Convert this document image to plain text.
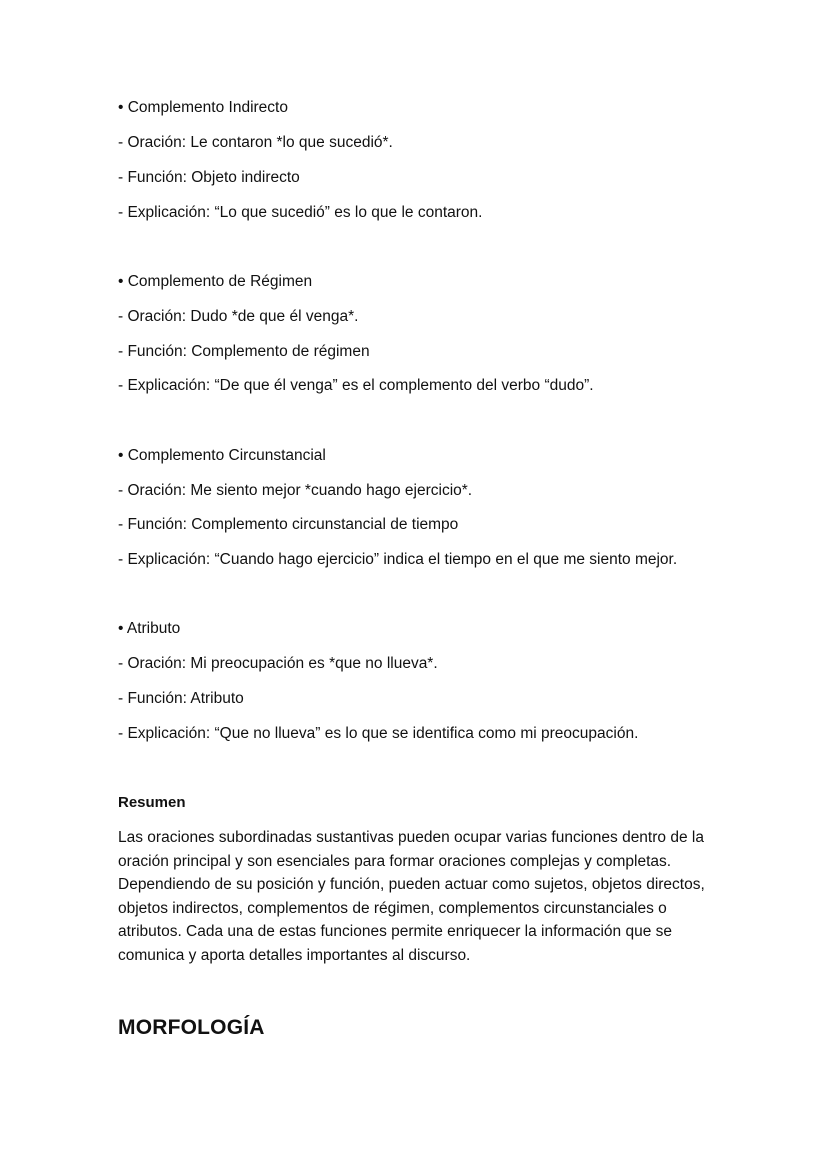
• Complemento Indirecto
- Oración: Le contaron *lo que sucedió*.
- Función: Objeto indirecto
- Explicación: “Lo que sucedió” es lo que le contaron.
• Complemento de Régimen
- Oración: Dudo *de que él venga*.
- Función: Complemento de régimen
- Explicación: “De que él venga” es el complemento del verbo “dudo”.
• Complemento Circunstancial
- Oración: Me siento mejor *cuando hago ejercicio*.
- Función: Complemento circunstancial de tiempo
- Explicación: “Cuando hago ejercicio” indica el tiempo en el que me siento mejor.
• Atributo
- Oración: Mi preocupación es *que no llueva*.
- Función: Atributo
- Explicación: “Que no llueva” es lo que se identifica como mi preocupación.
Resumen
Las oraciones subordinadas sustantivas pueden ocupar varias funciones dentro de la oración principal y son esenciales para formar oraciones complejas y completas. Dependiendo de su posición y función, pueden actuar como sujetos, objetos directos, objetos indirectos, complementos de régimen, complementos circunstanciales o atributos. Cada una de estas funciones permite enriquecer la información que se comunica y aporta detalles importantes al discurso.
MORFOLOGÍA
